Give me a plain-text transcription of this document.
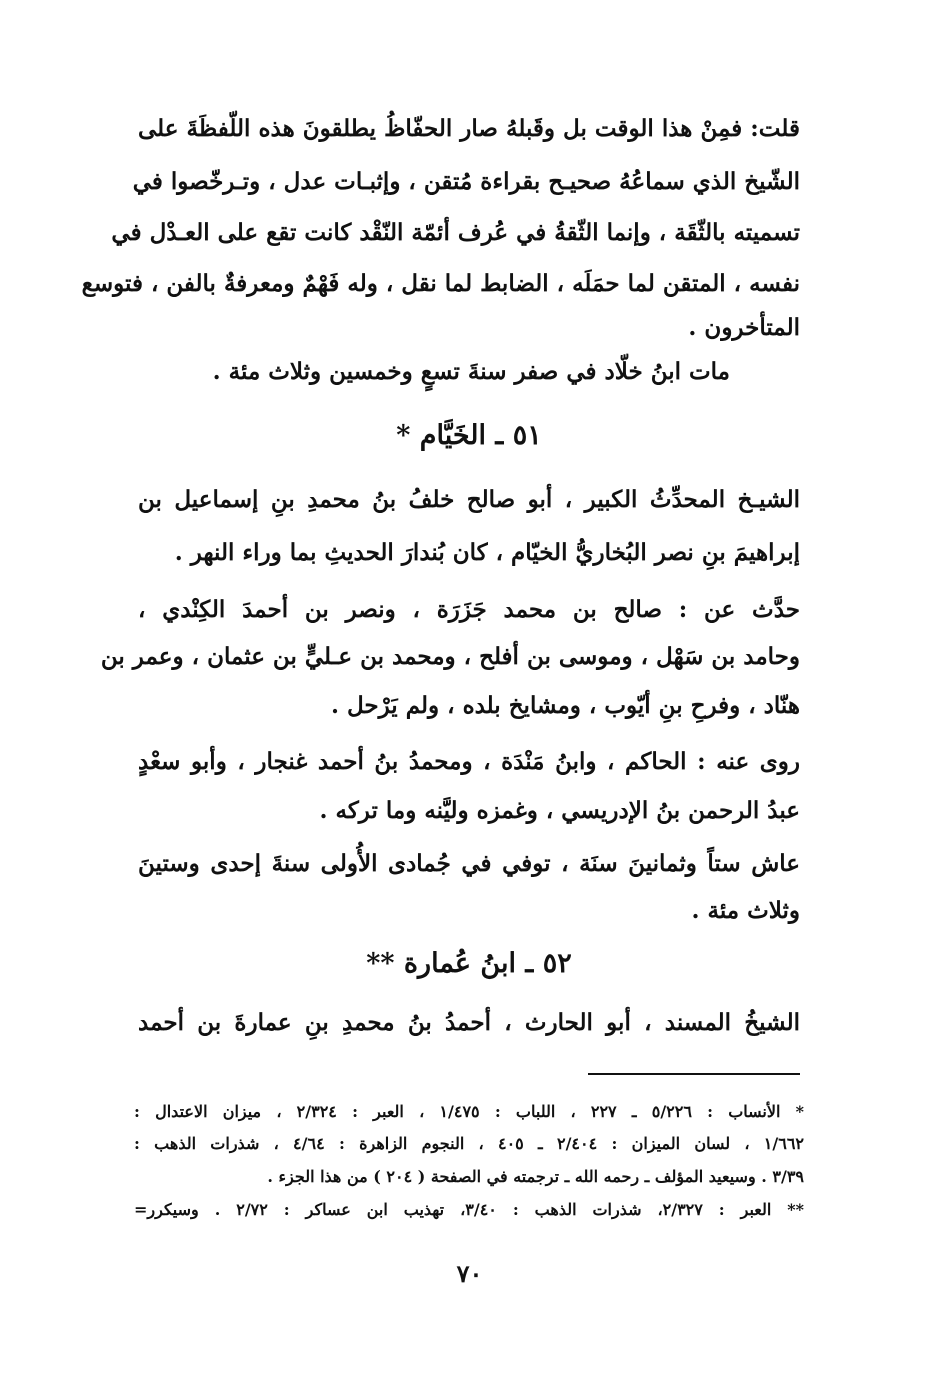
قلت: فمِنْ هذا الوقت بل وقَبلهُ صار الحفّاظُ يطلقونَ هذه اللّفظَةَ على
الشّيخ الذي سماعُهُ صحيـح بقراءة مُتقن ، وإثبـات عدل ، وتـرخّصوا في
تسميته بالثّقَة ، وإنما الثّقةُ في عُرف أئمّة النّقْد كانت تقع على العـدْل في
نفسه ، المتقن لما حمَلَه ، الضابط لما نقل ، وله فَهْمٌ ومعرفةٌ بالفن ، فتوسع
المتأخرون .
مات ابنُ خلّاد في صفر سنةَ تسعٍ وخمسين وثلاث مئة .
الشيـخ المحدِّثُ الكبير ، أبو صالح خلفُ بنُ محمدِ بنِ إسماعيل بن
إبراهيمَ بنِ نصر البُخاريُّ الخيّام ، كان بُندارَ الحديثِ بما وراء النهر .
حدَّث عن : صالح بن محمد جَزَرَة ، ونصر بن أحمدَ الكِنْدي ،
وحامد بن سَهْل ، وموسى بن أفلح ، ومحمد بن عـليٍّ بن عثمان ، وعمر بن
هنّاد ، وفرحِ بنِ أيّوب ، ومشايخ بلده ، ولم يَرْحل .
روى عنه : الحاكم ، وابنُ مَنْدَة ، ومحمدُ بنُ أحمد غنجار ، وأبو سعْدٍ
عبدُ الرحمن بنُ الإدريسي ، وغمزه وليَّنه وما تركه .
عاش ستاً وثمانينَ سنَة ، توفي في جُمادى الأُولى سنةَ إحدى وستينَ
وثلاث مئة .
الشيخُ المسند ، أبو الحارث ، أحمدُ بنُ محمدِ بنِ عمارةَ بن أحمد
٥١ ـ الخَيَّام *
٥٢ ـ ابنُ عُمارة **
* الأنساب : ٥/٢٢٦ ـ ٢٢٧ ، اللباب : ١/٤٧٥ ، العبر : ٢/٣٢٤ ، ميزان الاعتدال :
١/٦٦٢ ، لسان الميزان : ٢/٤٠٤ ـ ٤٠٥ ، النجوم الزاهرة : ٤/٦٤ ، شذرات الذهب :
٣/٣٩ . وسيعيد المؤلف ـ رحمه الله ـ ترجمته في الصفحة ( ٢٠٤ ) من هذا الجزء .
** العبر : ٢/٣٢٧، شذرات الذهب : ٣/٤٠، تهذيب ابن عساكر : ٢/٧٢ . وسيكرر=
٧٠
